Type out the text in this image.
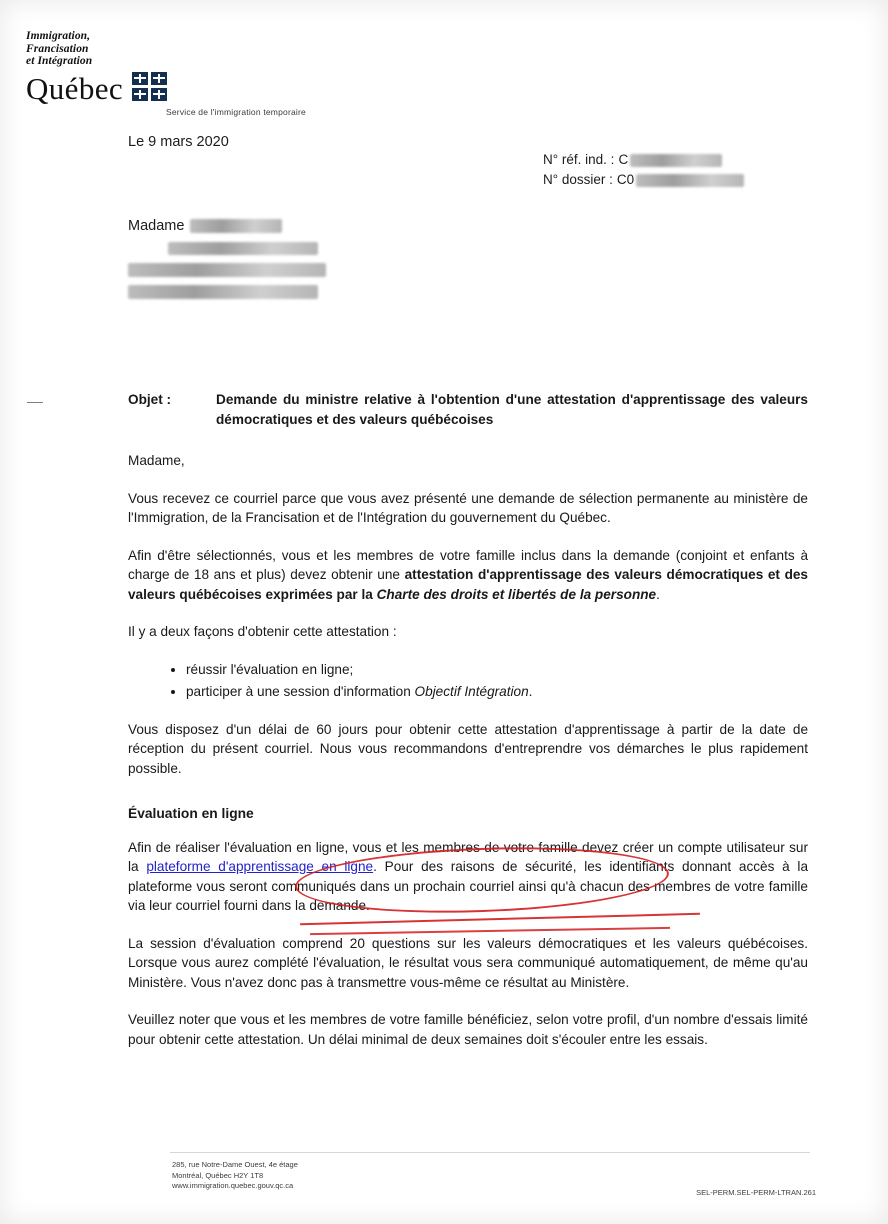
Immigration,
Francisation
et Intégration
Québec
Service de l'immigration temporaire
Le 9 mars 2020
N° réf. ind. : C
N° dossier : C0
Madame
Objet :	Demande du ministre relative à l'obtention d'une attestation d'apprentissage des valeurs démocratiques et des valeurs québécoises
Madame,

Vous recevez ce courriel parce que vous avez présenté une demande de sélection permanente au ministère de l'Immigration, de la Francisation et de l'Intégration du gouvernement du Québec.

Afin d'être sélectionnés, vous et les membres de votre famille inclus dans la demande (conjoint et enfants à charge de 18 ans et plus) devez obtenir une attestation d'apprentissage des valeurs démocratiques et des valeurs québécoises exprimées par la Charte des droits et libertés de la personne.

Il y a deux façons d'obtenir cette attestation :

• réussir l'évaluation en ligne;
• participer à une session d'information Objectif Intégration.

Vous disposez d'un délai de 60 jours pour obtenir cette attestation d'apprentissage à partir de la date de réception du présent courriel. Nous vous recommandons d'entreprendre vos démarches le plus rapidement possible.

Évaluation en ligne

Afin de réaliser l'évaluation en ligne, vous et les membres de votre famille devez créer un compte utilisateur sur la plateforme d'apprentissage en ligne. Pour des raisons de sécurité, les identifiants donnant accès à la plateforme vous seront communiqués dans un prochain courriel ainsi qu'à chacun des membres de votre famille via leur courriel fourni dans la demande.

La session d'évaluation comprend 20 questions sur les valeurs démocratiques et les valeurs québécoises. Lorsque vous aurez complété l'évaluation, le résultat vous sera communiqué automatiquement, de même qu'au Ministère. Vous n'avez donc pas à transmettre vous-même ce résultat au Ministère.

Veuillez noter que vous et les membres de votre famille bénéficiez, selon votre profil, d'un nombre d'essais limité pour obtenir cette attestation. Un délai minimal de deux semaines doit s'écouler entre les essais.

285, rue Notre-Dame Ouest, 4e étage
Montréal, Québec H2Y 1T8
www.immigration.quebec.gouv.qc.ca
SEL-PERM.SEL-PERM-LTRAN.261
